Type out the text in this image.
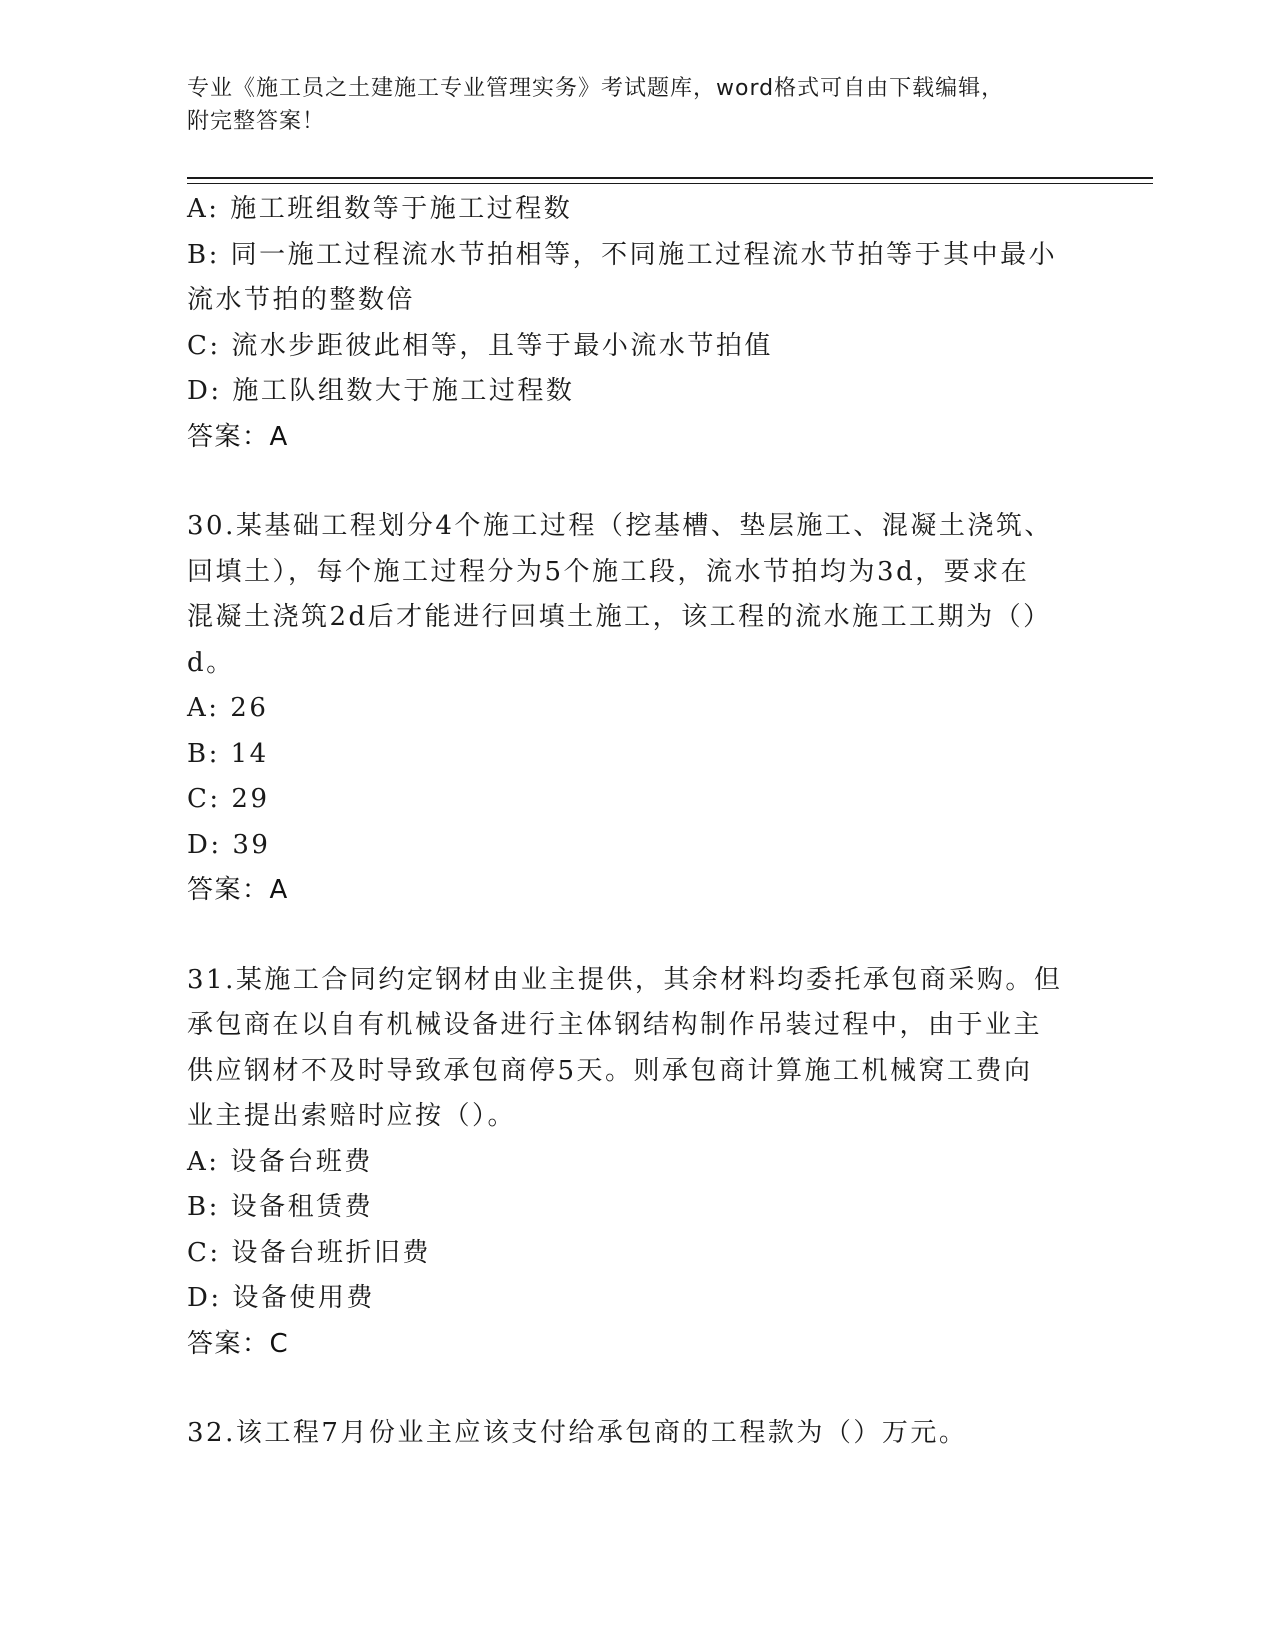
专业《施工员之土建施工专业管理实务》考试题库，word格式可自由下载编辑，
附完整答案！
A: 施工班组数等于施工过程数
B: 同一施工过程流水节拍相等，不同施工过程流水节拍等于其中最小
流水节拍的整数倍
C: 流水步距彼此相等，且等于最小流水节拍值
D: 施工队组数大于施工过程数
答案：A
30.某基础工程划分4个施工过程（挖基槽、垫层施工、混凝土浇筑、
回填土），每个施工过程分为5个施工段，流水节拍均为3d，要求在
混凝土浇筑2d后才能进行回填土施工，该工程的流水施工工期为（）
d。
A: 26
B: 14
C: 29
D: 39
答案：A
31.某施工合同约定钢材由业主提供，其余材料均委托承包商采购。但
承包商在以自有机械设备进行主体钢结构制作吊装过程中，由于业主
供应钢材不及时导致承包商停5天。则承包商计算施工机械窝工费向
业主提出索赔时应按（）。
A: 设备台班费
B: 设备租赁费
C: 设备台班折旧费
D: 设备使用费
答案：C
32.该工程7月份业主应该支付给承包商的工程款为（）万元。
